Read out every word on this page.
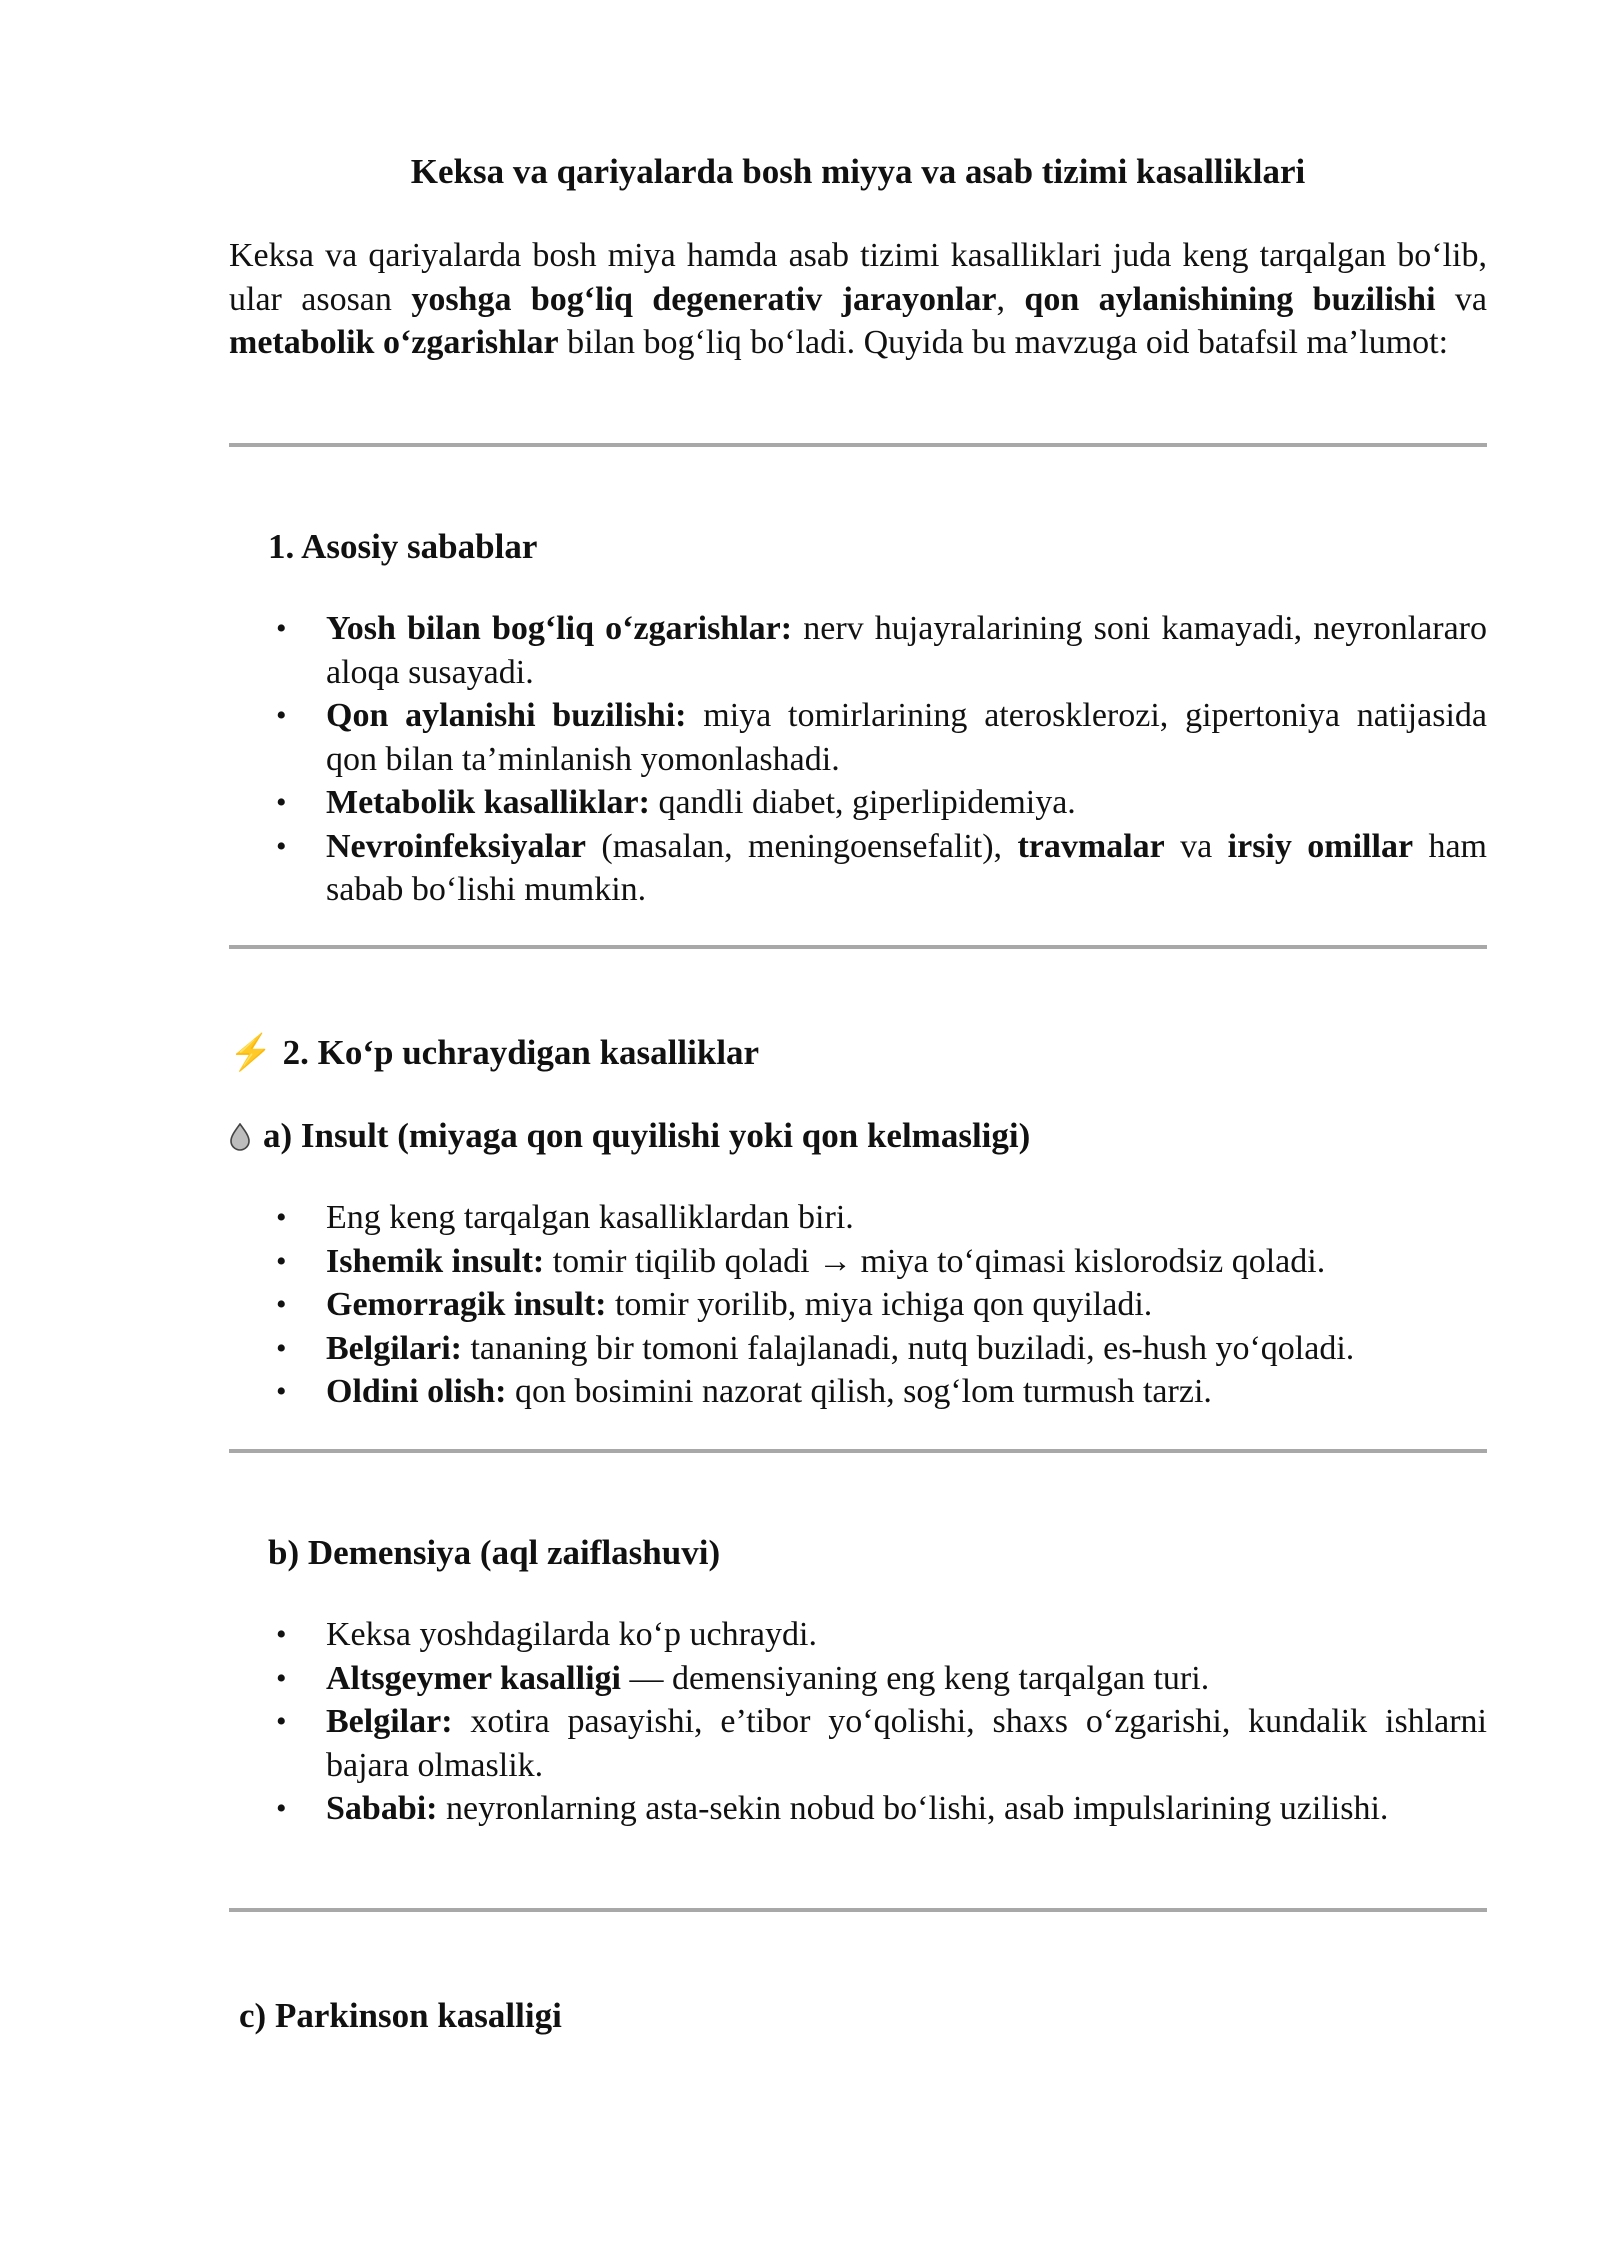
Keksa va qariyalarda bosh miyya va asab tizimi kasalliklari

Keksa va qariyalarda bosh miya hamda asab tizimi kasalliklari juda keng tarqalgan bo‘lib, ular asosan yoshga bog‘liq degenerativ jarayonlar, qon aylanishining buzilishi va metabolik o‘zgarishlar bilan bog‘liq bo‘ladi. Quyida bu mavzuga oid batafsil ma’lumot:

1. Asosiy sabablar
• Yosh bilan bog‘liq o‘zgarishlar: nerv hujayralarining soni kamayadi, neyronlararo aloqa susayadi.
• Qon aylanishi buzilishi: miya tomirlarining aterosklerozi, gipertoniya natijasida qon bilan ta’minlanish yomonlashadi.
• Metabolik kasalliklar: qandli diabet, giperlipidemiya.
• Nevroinfeksiyalar (masalan, meningoensefalit), travmalar va irsiy omillar ham sabab bo‘lishi mumkin.
⚡ 2. Ko‘p uchraydigan kasalliklar
a) Insult (miyaga qon quyilishi yoki qon kelmasligi)
• Eng keng tarqalgan kasalliklardan biri.
• Ishemik insult: tomir tiqilib qoladi → miya to‘qimasi kislorodsiz qoladi.
• Gemorragik insult: tomir yorilib, miya ichiga qon quyiladi.
• Belgilari: tananing bir tomoni falajlanadi, nutq buziladi, es-hush yo‘qoladi.
• Oldini olish: qon bosimini nazorat qilish, sog‘lom turmush tarzi.
b) Demensiya (aql zaiflashuvi)
• Keksa yoshdagilarda ko‘p uchraydi.
• Altsgeymer kasalligi — demensiyaning eng keng tarqalgan turi.
• Belgilar: xotira pasayishi, e’tibor yo‘qolishi, shaxs o‘zgarishi, kundalik ishlarni bajara olmaslik.
• Sababi: neyronlarning asta-sekin nobud bo‘lishi, asab impulslarining uzilishi.
c) Parkinson kasalligi
